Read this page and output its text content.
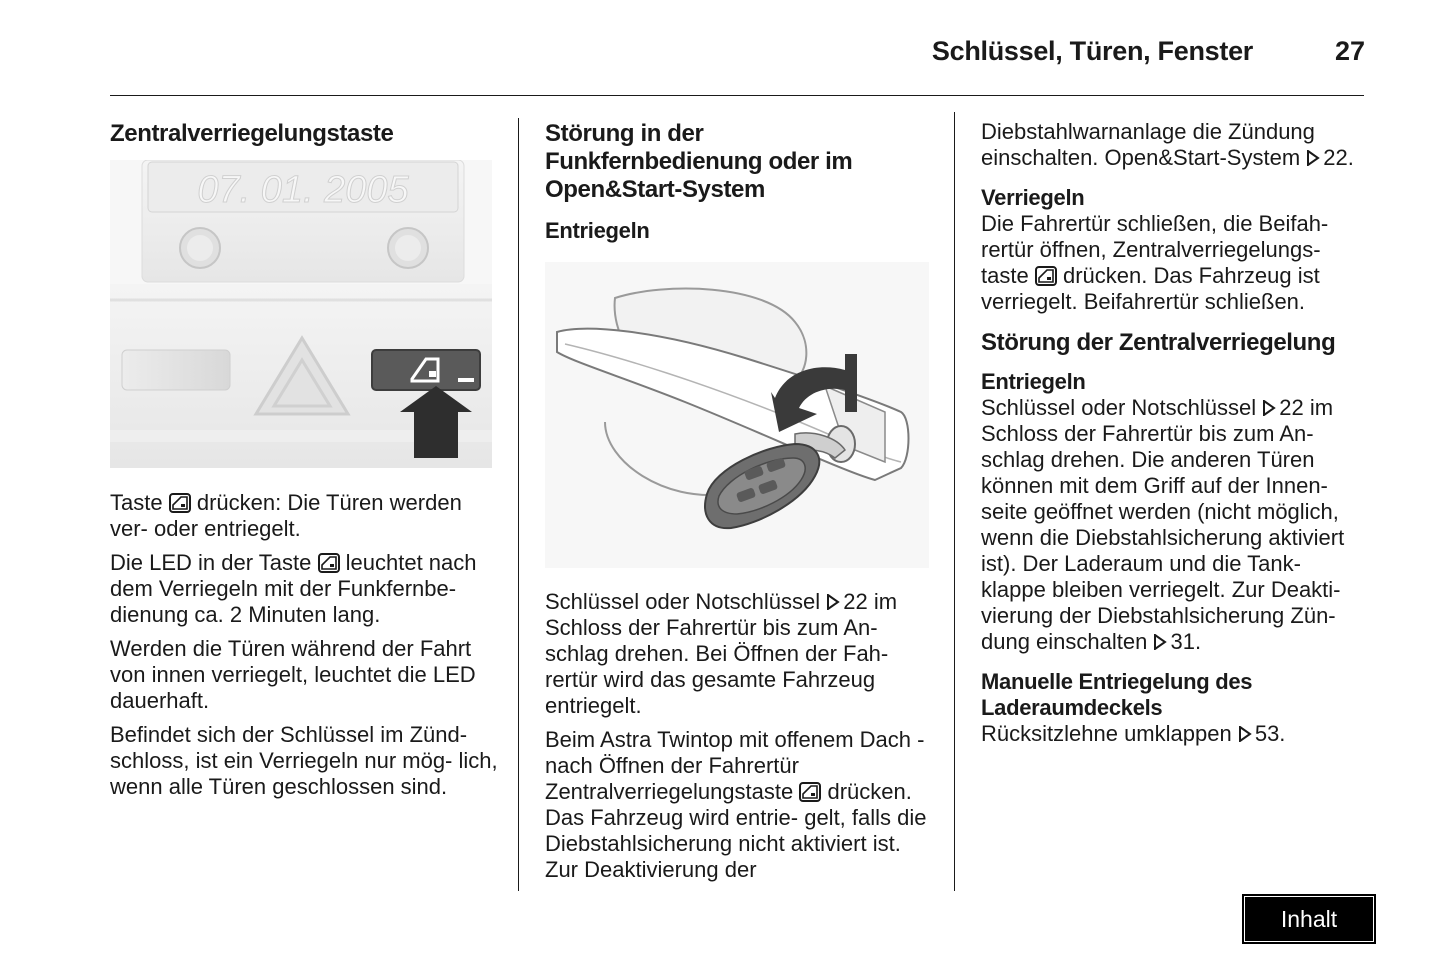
Schlüssel, Türen, Fenster	27
Zentralverriegelungstaste
07. 01. 2005

Taste drücken: Die Türen werden ver- oder entriegelt.

Die LED in der Taste leuchtet nach dem Verriegeln mit der Funkfernbe- dienung ca. 2 Minuten lang.

Werden die Türen während der Fahrt von innen verriegelt, leuchtet die LED dauerhaft.

Befindet sich der Schlüssel im Zünd- schloss, ist ein Verriegeln nur mög- lich, wenn alle Türen geschlossen sind.

Störung in der
Funkfernbedienung oder im
Open&Start-System
Entriegeln

Schlüssel oder Notschlüssel 22 im Schloss der Fahrertür bis zum An- schlag drehen. Bei Öffnen der Fah- rertür wird das gesamte Fahrzeug entriegelt.

Beim Astra Twintop mit offenem Dach - nach Öffnen der Fahrertür Zentralverriegelungstaste drücken. Das Fahrzeug wird entrie- gelt, falls die Diebstahlsicherung nicht aktiviert ist. Zur Deaktivierung der

Diebstahlwarnanlage die Zündung einschalten. Open&Start-System 22.

Verriegeln

Die Fahrertür schließen, die Beifah- rertür öffnen, Zentralverriegelungs- taste drücken. Das Fahrzeug ist verriegelt. Beifahrertür schließen.

Störung der Zentralverriegelung
Entriegeln

Schlüssel oder Notschlüssel 22 im Schloss der Fahrertür bis zum An- schlag drehen. Die anderen Türen können mit dem Griff auf der Innen- seite geöffnet werden (nicht möglich, wenn die Diebstahlsicherung aktiviert ist). Der Laderaum und die Tank- klappe bleiben verriegelt. Zur Deakti- vierung der Diebstahlsicherung Zün- dung einschalten 31.

Manuelle Entriegelung des
Laderaumdeckels

Rücksitzlehne umklappen 53.

Inhalt
